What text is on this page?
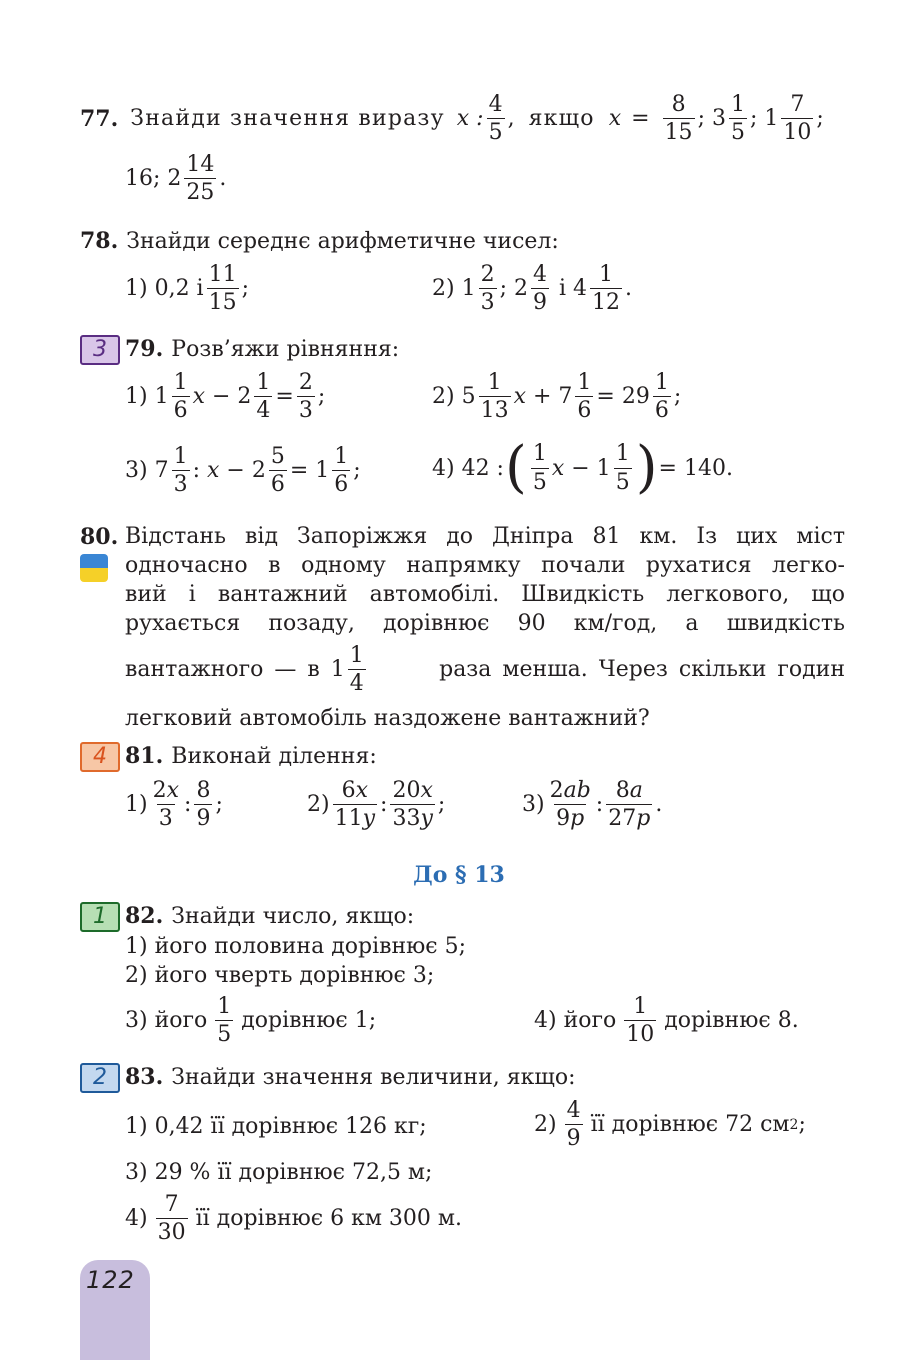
77. Знайди значення виразу x : $\frac{4}{5}$ , якщо $x = \frac{8}{15}$ ; $3 \frac{1}{5}$ ; $1 \frac{7}{10}$ ;
16; $2 \frac{14}{25}$ .
78. Знайди середнє арифметичне чисел:
1) 0,2 і $\frac{11}{15}$ ;	2) $1 \frac{2}{3}$ ; $2 \frac{4}{9}$ і $4 \frac{1}{12}$ .
3 79. Розв’яжи рівняння:
1) $1 \frac{1}{6}$ $x - 2 \frac{1}{4} = \frac{2}{3}$ ;	2) $5 \frac{1}{13}$ $x + 7 \frac{1}{6} = 29 \frac{1}{6}$ ;
3) $7 \frac{1}{3}$ : $x - 2 \frac{5}{6} = 1 \frac{1}{6}$ ;	4) 42 : ( $\frac{1}{5}$ $x - 1 \frac{1}{5}$ ) = 140.
80. Відстань від Запоріжжя до Дніпра 81 км. Із цих міст
одночасно в одному напрямку почали рухатися легко-
вий і вантажний автомобілі. Швидкість легкового, що
рухається позаду, дорівнює 90 км/год, а швидкість
вантажного — в $1 \frac{1}{4}$	раза менша. Через скільки годин
легковий автомобіль наздожене вантажний?
4 81. Виконай ділення:
$1) \frac{2x}{3}$ : $\frac{8}{9}$ ;	$2) \frac{6x}{11y}$ : $\frac{20x}{33y}$ ;	$3) \frac{2ab}{9p}$ : $\frac{8a}{27p}$ .
До § 13
1 82. Знайди число, якщо:
1) його половина дорівнює 5;
2) його чверть дорівнює 3;
3) його $\frac{1}{5}$ дорівнює 1;	4) його $\frac{1}{10}$ дорівнює 8.
2 83. Знайди значення величини, якщо:
1) 0,42 її дорівнює 126 кг;	$2) \frac{4}{9}$ її дорівнює 72 см 2 ;
3) 29 % її дорівнює 72,5 м;
$4) \frac{7}{30}$ її дорівнює 6 км 300 м.
122
